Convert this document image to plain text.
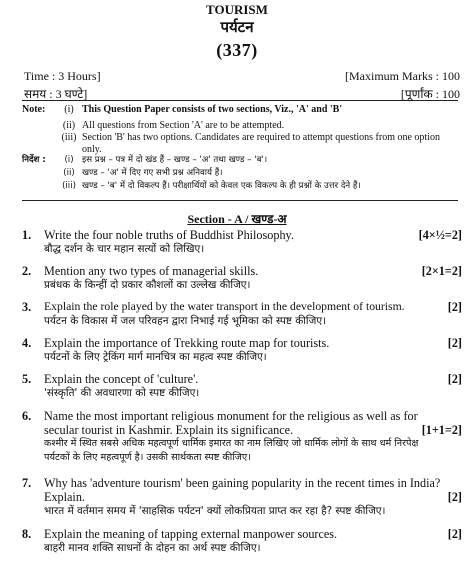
TOURISM
पर्यटन
(337)
Time : 3 Hours]	[Maximum Marks : 100
समय : 3 घण्टे]	[पूर्णांक : 100
Note:	(i) This Question Paper consists of two sections, Viz., 'A' and 'B'
(ii) All questions from Section 'A' are to be attempted.
(iii) Section 'B' has two options. Candidates are required to attempt questions from one option only.
निर्देश :	(i) इस प्रश्न – पत्र में दो खंड हैं – खण्ड – 'अ' तथा खण्ड – 'ब'।
(ii) खण्ड – 'अ' में दिए गए सभी प्रश्न अनिवार्य हैं।
(iii) खण्ड – 'ब' में दो विकल्प हैं। परीक्षार्थियों को केवल एक विकल्प के ही प्रश्नों के उत्तर देने हैं।
Section - A / खण्ड-अ
1.	Write the four noble truths of Buddhist Philosophy.	[4×½=2]
बौद्ध दर्शन के चार महान सत्यों को लिखिए।
2.	Mention any two types of managerial skills.	[2×1=2]
प्रबंधक के किन्हीं दो प्रकार कौशलों का उल्लेख कीजिए।
3.	Explain the role played by the water transport in the development of tourism.	[2]
पर्यटन के विकास में जल परिवहन द्वारा निभाई गई भूमिका को स्पष्ट कीजिए।
4.	Explain the importance of Trekking route map for tourists.	[2]
पर्यटनों के लिए ट्रेकिंग मार्ग मानचित्र का महत्व स्पष्ट कीजिए।
5.	Explain the concept of 'culture'.	[2]
'संस्कृति' की अवधारणा को स्पष्ट कीजिए।
6.	Name the most important religious monument for the religious as well as for
secular tourist in Kashmir. Explain its significance.	[1+1=2]
कश्मीर में स्थित सबसे अधिक महत्वपूर्ण धार्मिक इमारत का नाम लिखिए जो धार्मिक लोगों के साथ धर्म निरपेक्ष
पर्यटकों के लिए महत्वपूर्ण है। उसकी सार्थकता स्पष्ट कीजिए।
7.	Why has 'adventure tourism' been gaining popularity in the recent times in India?
Explain.	[2]
भारत में वर्तमान समय में 'साहसिक पर्यटन' क्यों लोकप्रियता प्राप्त कर रहा है? स्पष्ट कीजिए।
8.	Explain the meaning of tapping external manpower sources.	[2]
बाहरी मानव शक्ति साधनों के दोहन का अर्थ स्पष्ट कीजिए।
